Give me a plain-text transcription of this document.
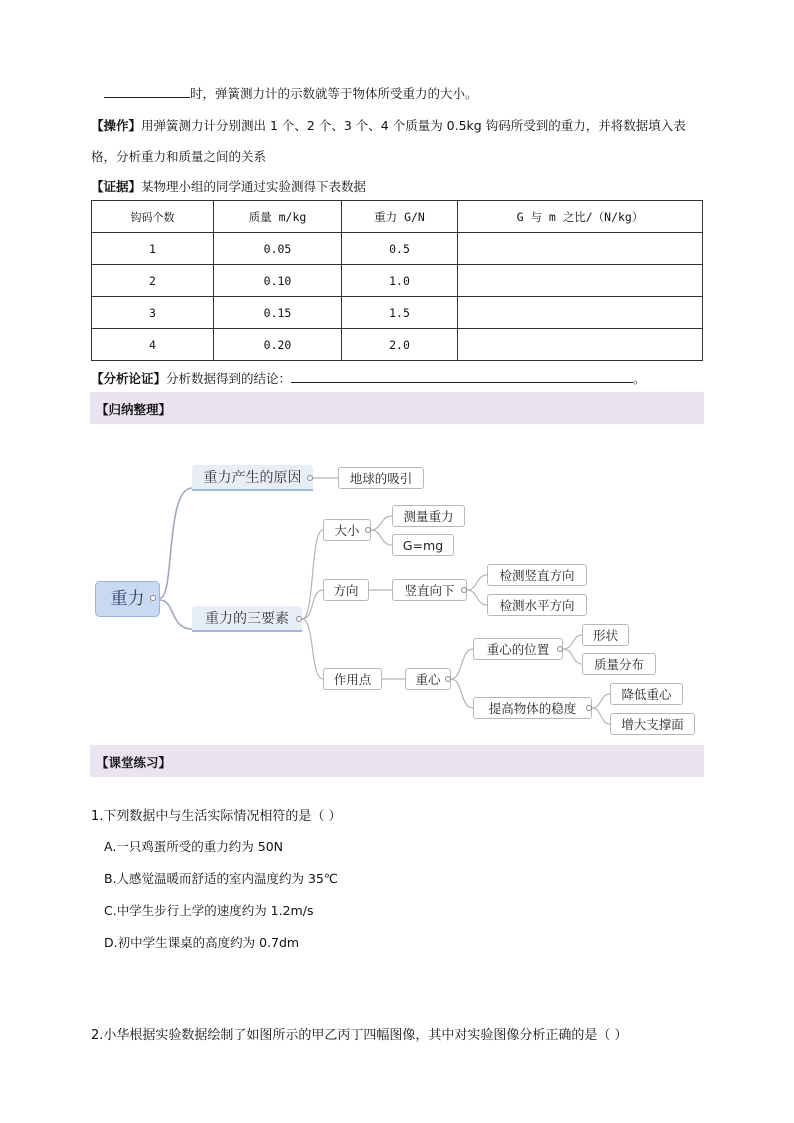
时，弹簧测力计的示数就等于物体所受重力的大小。
【操作】用弹簧测力计分别测出 1 个、2 个、3 个、4 个质量为 0.5kg 钩码所受到的重力，并将数据填入表
格，分析重力和质量之间的关系
【证据】某物理小组的同学通过实验测得下表数据
钩码个数	质量 m/kg	重力 G/N	G 与 m 之比/（N/kg）
1	0.05	0.5	
2	0.10	1.0	
3	0.15	1.5	
4	0.20	2.0	
【分析论证】分析数据得到的结论：	。
【归纳整理】
重力
重力产生的原因	地球的吸引
重力的三要素
大小
测量重力
G=mg
方向	竖直向下
检测竖直方向
检测水平方向
作用点	重心
重心的位置
形状
质量分布
提高物体的稳度
降低重心
增大支撑面
【课堂练习】
1.下列数据中与生活实际情况相符的是（ ）
A.一只鸡蛋所受的重力约为 50N
B.人感觉温暖而舒适的室内温度约为 35℃
C.中学生步行上学的速度约为 1.2m/s
D.初中学生课桌的高度约为 0.7dm
2.小华根据实验数据绘制了如图所示的甲乙丙丁四幅图像，其中对实验图像分析正确的是（ ）
